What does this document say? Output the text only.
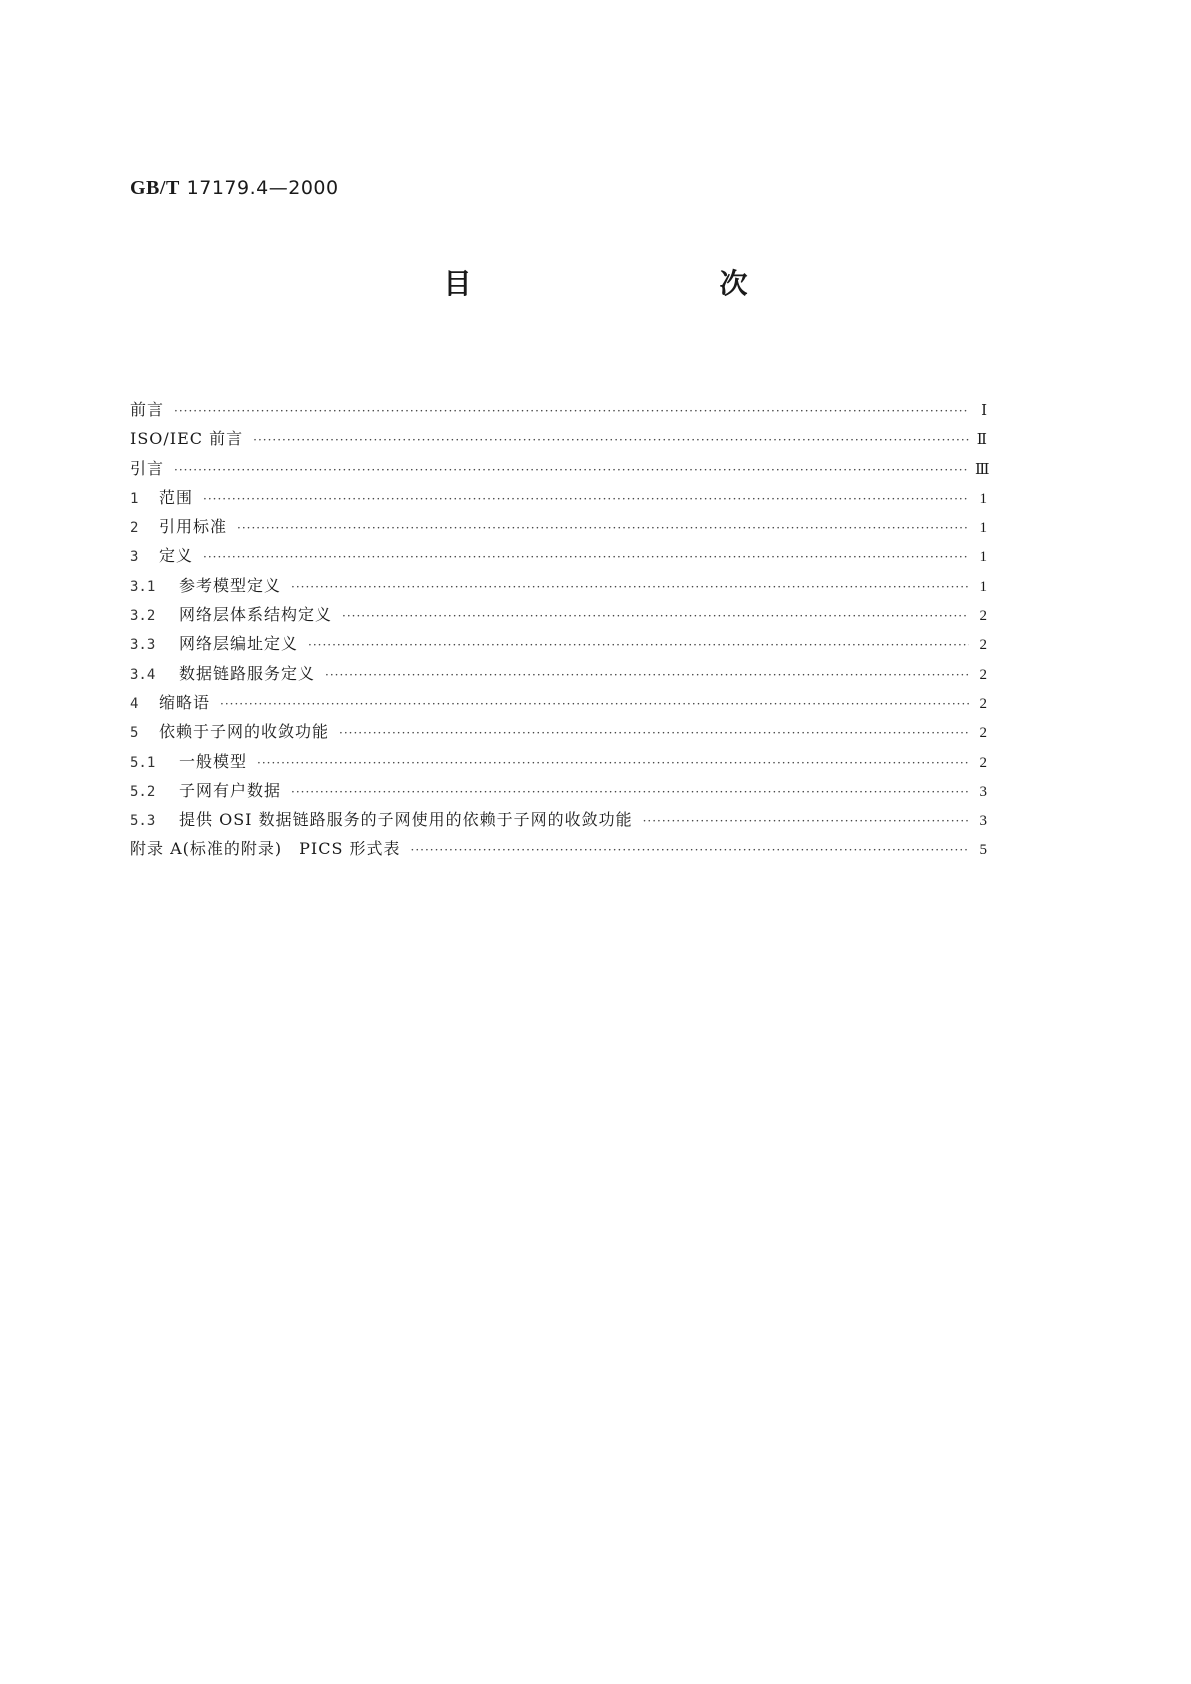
GB/T 17179.4—2000
目　次
前言 ·····	Ⅰ
ISO/IEC 前言 ·····	Ⅱ
引言 ·····	Ⅲ
1	范围 ·····	1
2	引用标准 ·····	1
3	定义 ·····	1
3.1	参考模型定义 ·····	1
3.2	网络层体系结构定义 ·····	2
3.3	网络层编址定义 ·····	2
3.4	数据链路服务定义 ·····	2
4	缩略语 ·····	2
5	依赖于子网的收敛功能 ·····	2
5.1	一般模型 ·····	2
5.2	子网有户数据 ·····	3
5.3	提供 OSI 数据链路服务的子网使用的依赖于子网的收敛功能 ·····	3
附录 A(标准的附录)　PICS 形式表 ·····	5
